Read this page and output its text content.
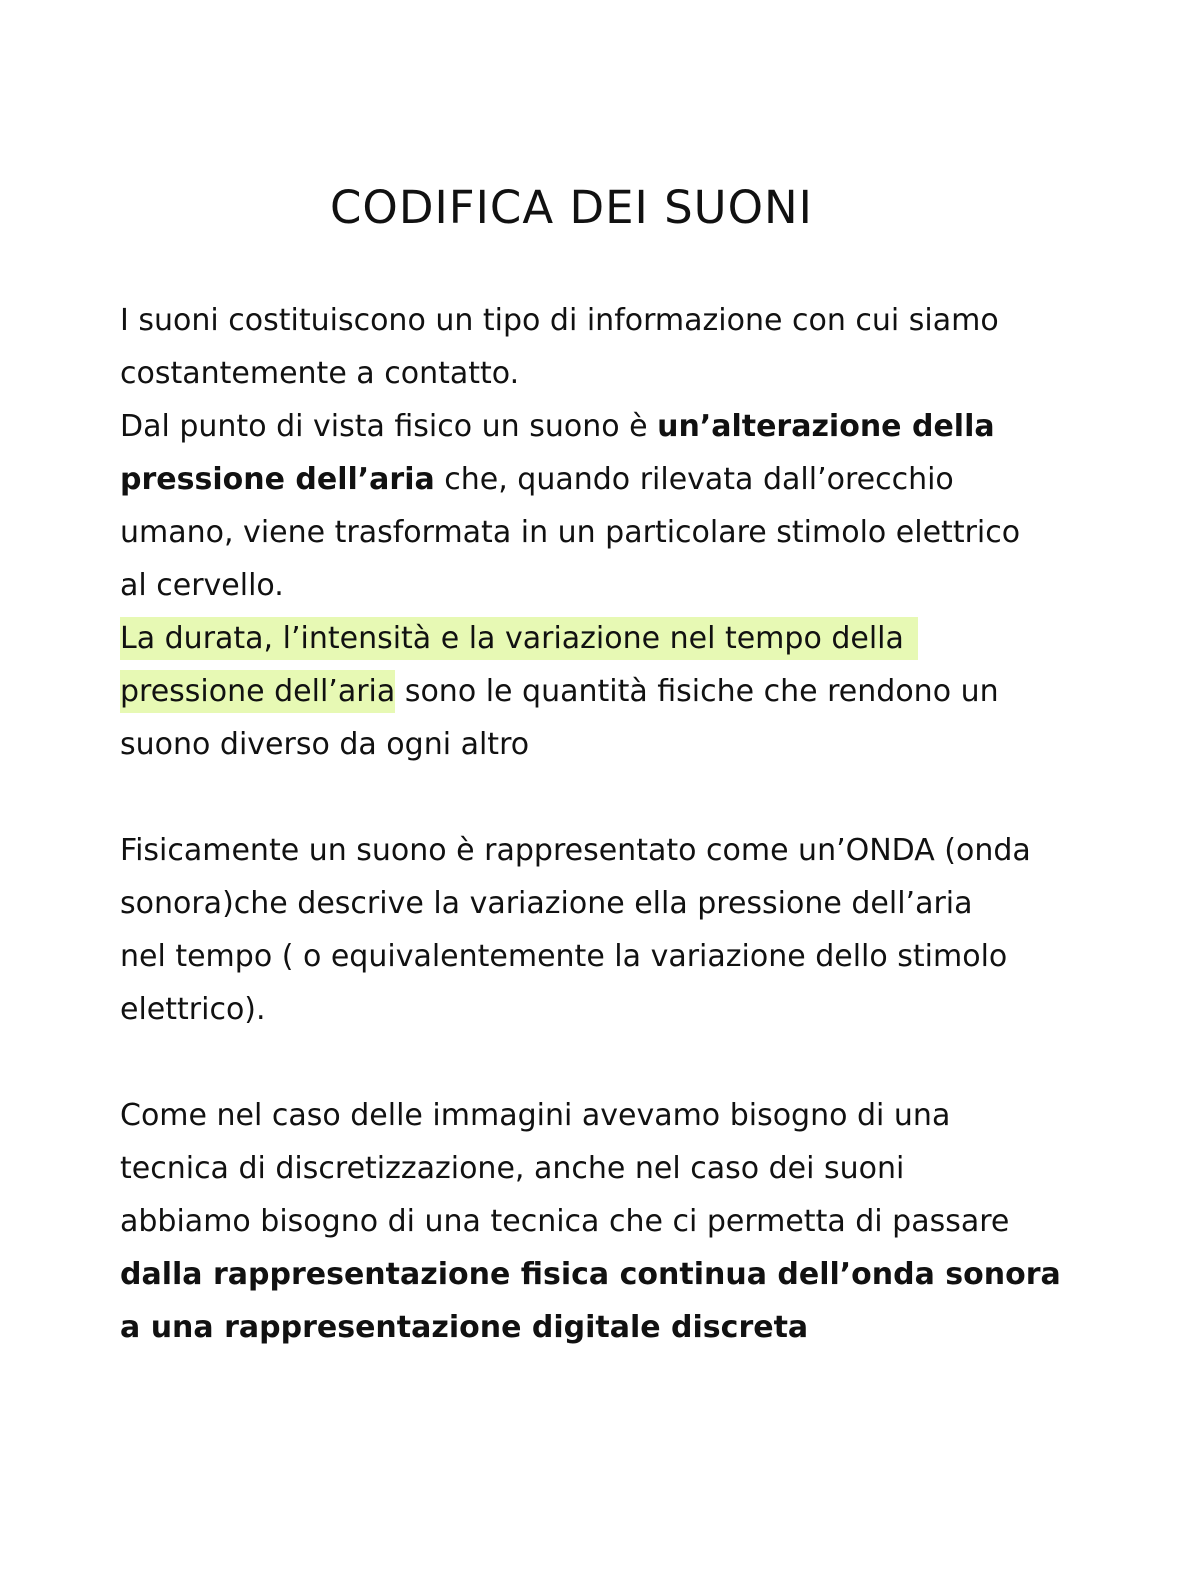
CODIFICA DEI SUONI
I suoni costituiscono un tipo di informazione con cui siamo
costantemente a contatto.
Dal punto di vista fisico un suono è un’alterazione della
pressione dell’aria che, quando rilevata dall’orecchio
umano, viene trasformata in un particolare stimolo elettrico
al cervello.
La durata, l’intensità e la variazione nel tempo della
pressione dell’aria sono le quantità fisiche che rendono un
suono diverso da ogni altro
Fisicamente un suono è rappresentato come un’ONDA (onda
sonora)che descrive la variazione ella pressione dell’aria
nel tempo ( o equivalentemente la variazione dello stimolo
elettrico).
Come nel caso delle immagini avevamo bisogno di una
tecnica di discretizzazione, anche nel caso dei suoni
abbiamo bisogno di una tecnica che ci permetta di passare
dalla rappresentazione fisica continua dell’onda sonora
a una rappresentazione digitale discreta
